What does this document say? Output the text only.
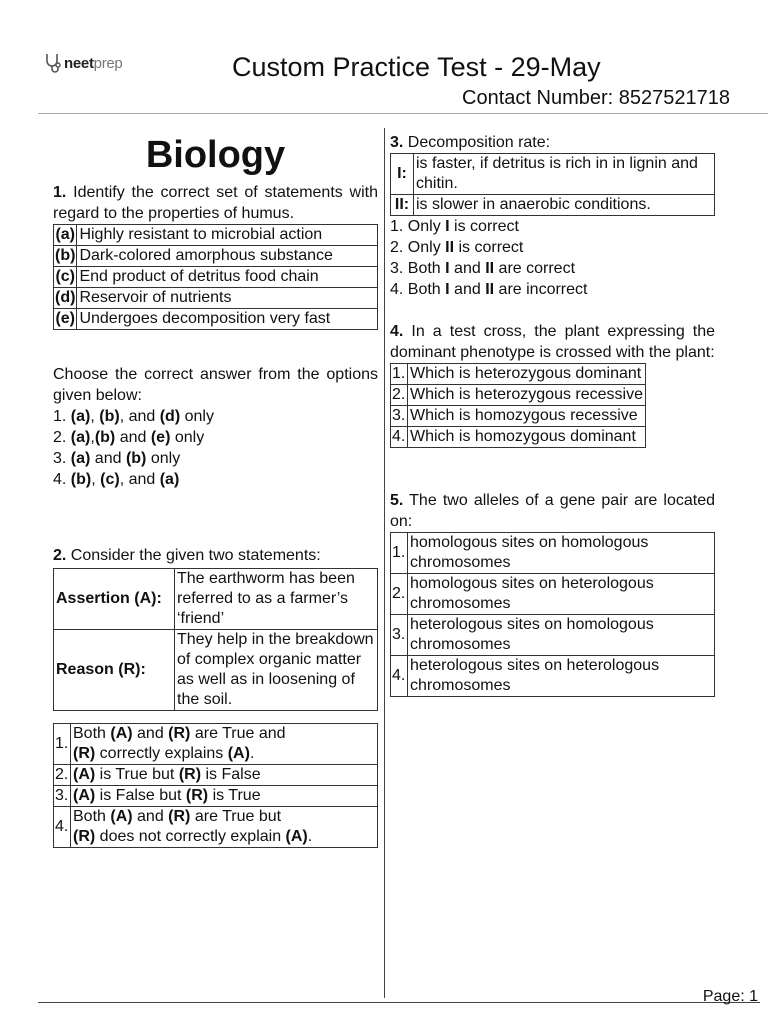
neetprep	Custom Practice Test - 29-May
Contact Number: 8527521718
Biology

1. Identify the correct set of statements with regard to the properties of humus.

(a)	Highly resistant to microbial action
(b)	Dark-colored amorphous substance
(c)	End product of detritus food chain
(d)	Reservoir of nutrients
(e)	Undergoes decomposition very fast

Choose the correct answer from the options given below:

1. (a), (b), and (d) only
2. (a),(b) and (e) only
3. (a) and (b) only
4. (b), (c), and (a)

2. Consider the given two statements:

Assertion (A):	The earthworm has been referred to as a farmer’s ‘friend’
Reason (R):	They help in the breakdown of complex organic matter as well as in loosening of the soil.
1.	Both (A) and (R) are True and
(R) correctly explains (A).
2.	(A) is True but (R) is False
3.	(A) is False but (R) is True
4.	Both (A) and (R) are True but
(R) does not correctly explain (A).

3. Decomposition rate:

I:	is faster, if detritus is rich in in lignin and chitin.
II:	is slower in anaerobic conditions.
1. Only I is correct
2. Only II is correct
3. Both I and II are correct
4. Both I and II are incorrect

4. In a test cross, the plant expressing the dominant phenotype is crossed with the plant:

1.	Which is heterozygous dominant
2.	Which is heterozygous recessive
3.	Which is homozygous recessive
4.	Which is homozygous dominant

5. The two alleles of a gene pair are located on:

1.	homologous sites on homologous chromosomes
2.	homologous sites on heterologous chromosomes
3.	heterologous sites on homologous chromosomes
4.	heterologous sites on heterologous chromosomes
Page: 1
